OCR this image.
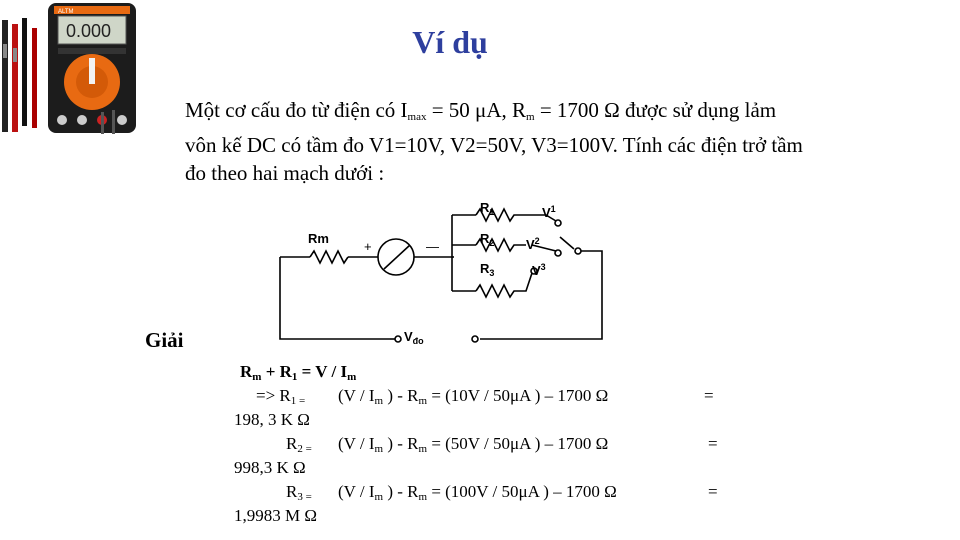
ALTM
0.000	Ví dụ
Một cơ cấu đo từ điện có $I_{max} = 50$ μA, $R_m = 1700$ Ω được sử dụng lảm
vôn kế DC có tầm đo V1=10V, V2=50V, V3=100V. Tính các điện trở tầm
đo theo hai mạch dưới :
Rm
+	—
$R_1$
$R_2$
$R_3$
$V^1$
$V^2$
$V^3$
$V_{đo}$
Giải
$R_m + R_1 = V / I_m$
=> $R_{1 =}$ ($V / I_m$ ) - $R_m = (10V / 50\mu A$ ) – 1700 Ω	=
198, 3 K Ω
$R_{2 =}$ ($V / I_m$ ) - $R_m = (50V / 50\mu A$ ) – 1700 Ω	=
998,3 K Ω
$R_{3 =}$ ($V / I_m$ ) - $R_m = (100V / 50\mu A$ ) – 1700 Ω	=
1,9983 M Ω
